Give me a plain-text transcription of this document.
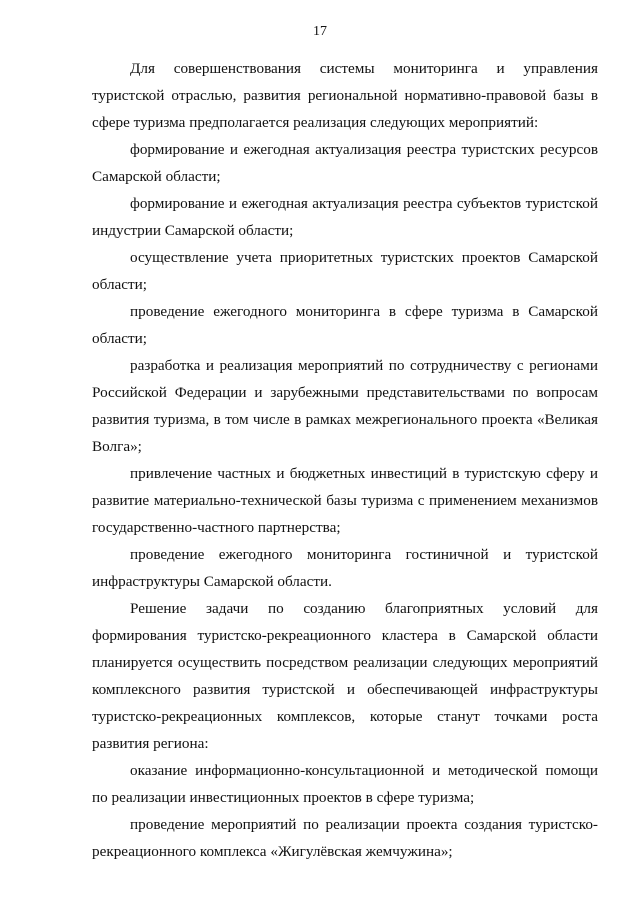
17

Для совершенствования системы мониторинга и управления туристской отраслью, развития региональной нормативно-правовой базы в сфере туризма предполагается реализация следующих мероприятий:

формирование и ежегодная актуализация реестра туристских ресурсов Самарской области;

формирование и ежегодная актуализация реестра субъектов туристской индустрии Самарской области;

осуществление учета приоритетных туристских проектов Самарской области;

проведение ежегодного мониторинга в сфере туризма в Самарской области;

разработка и реализация мероприятий по сотрудничеству с регионами Российской Федерации и зарубежными представительствами по вопросам развития туризма, в том числе в рамках межрегионального проекта «Великая Волга»;

привлечение частных и бюджетных инвестиций в туристскую сферу и развитие материально-технической базы туризма с применением механизмов государственно-частного партнерства;

проведение ежегодного мониторинга гостиничной и туристской инфраструктуры Самарской области.

Решение задачи по созданию благоприятных условий для формирования туристско-рекреационного кластера в Самарской области планируется осуществить посредством реализации следующих мероприятий комплексного развития туристской и обеспечивающей инфраструктуры туристско-рекреационных комплексов, которые станут точками роста развития региона:

оказание информационно-консультационной и методической помощи по реализации инвестиционных проектов в сфере туризма;

проведение мероприятий по реализации проекта создания туристско-рекреационного комплекса «Жигулёвская жемчужина»;
